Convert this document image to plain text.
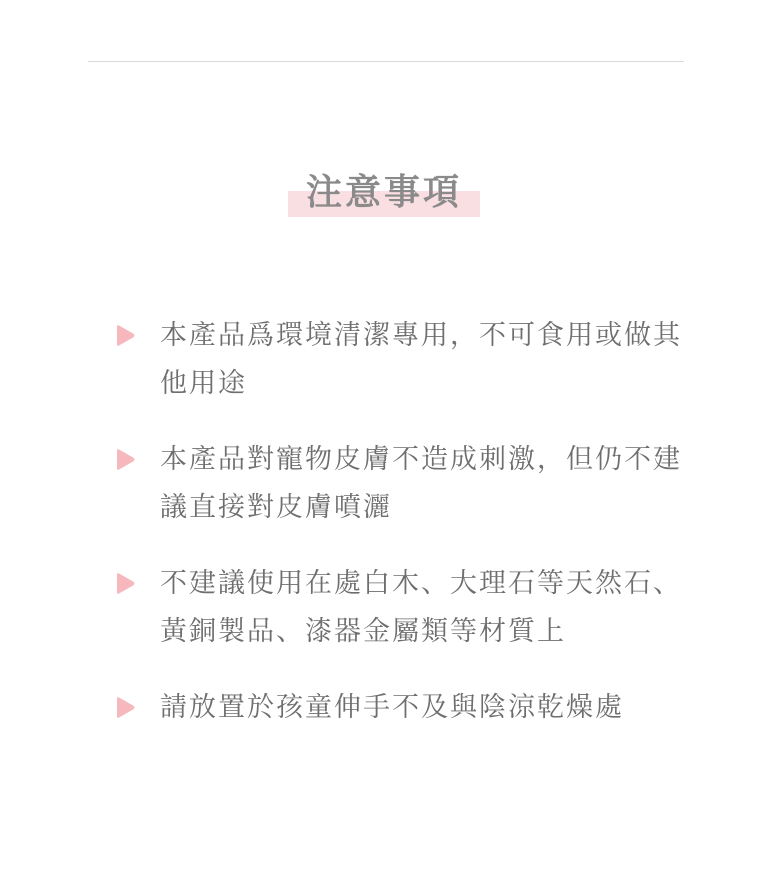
注意事項
本產品爲環境清潔專用，不可食用或做其他用途
本產品對寵物皮膚不造成刺激，但仍不建議直接對皮膚噴灑
不建議使用在處白木、大理石等天然石、黃銅製品、漆器金屬類等材質上
請放置於孩童伸手不及與陰涼乾燥處
